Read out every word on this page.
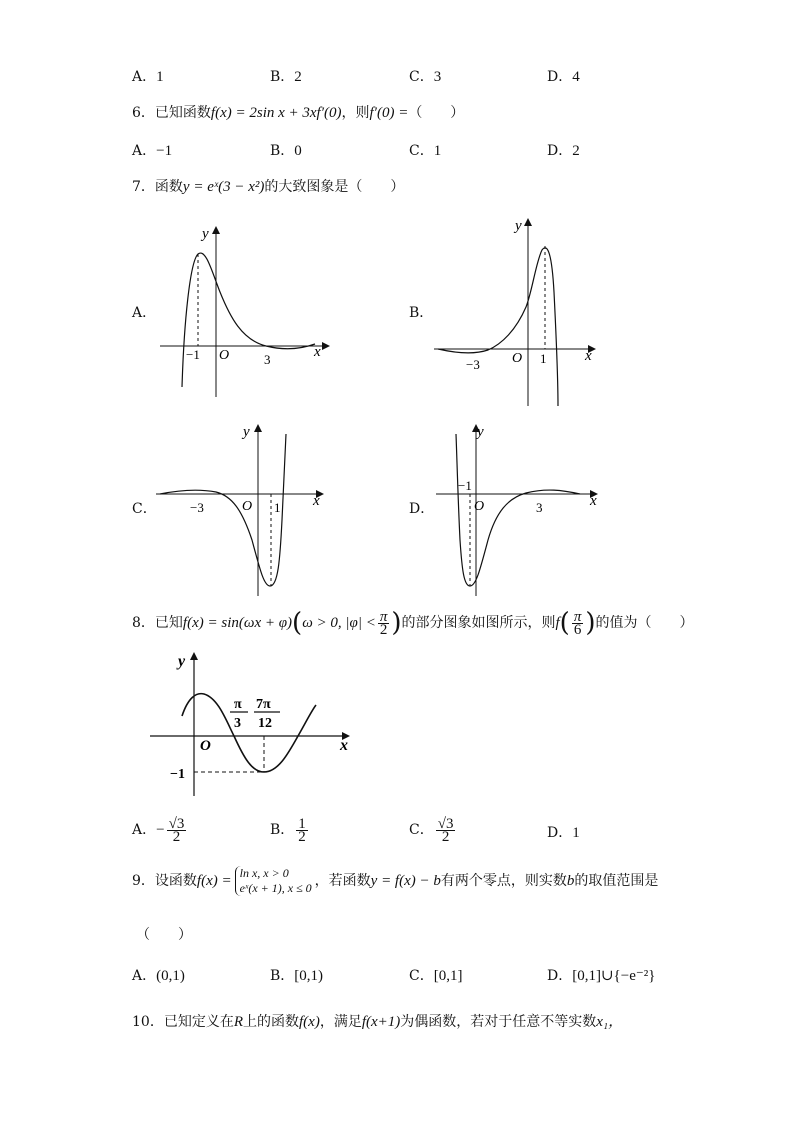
A．1	B．2	C．3	D．4
6．已知函数f(x) = 2sin x + 3xf′(0)，则f′(0) =（　　）
A．−1	B．0	C．1	D．2
7．函数y = eˣ(3 − x²)的大致图象是（　　）
A．	B．
C．	D．
y
x
O
−1	3
y
x
O
−3	1
y
x
O
−3	1
y
x
O
−1
3
8．已知f(x) = sin(ωx + φ)(ω > 0, $|\varphi| < \frac{\pi}{2}$ )的部分图象如图所示，则$f( \frac{\pi}{6}$ )的值为（　　）
y
x
O
−1
π
3
7π
12
A．− $\frac{√3}{2}$	B． $\frac{1}{2}$	C． $\frac{√3}{2}$	D．1
9．设函数f(x) = ln x, x > 0
eˣ(x + 1), x ≤ 0 ，若函数y = f(x) − b有两个零点，则实数b的取值范围是
（　　）
A．(0,1)	B．[0,1)	C．[0,1]	D．[0,1]∪{−e⁻²}
10．已知定义在R上的函数f(x)，满足f(x+1)为偶函数，若对于任意不等实数x₁，
